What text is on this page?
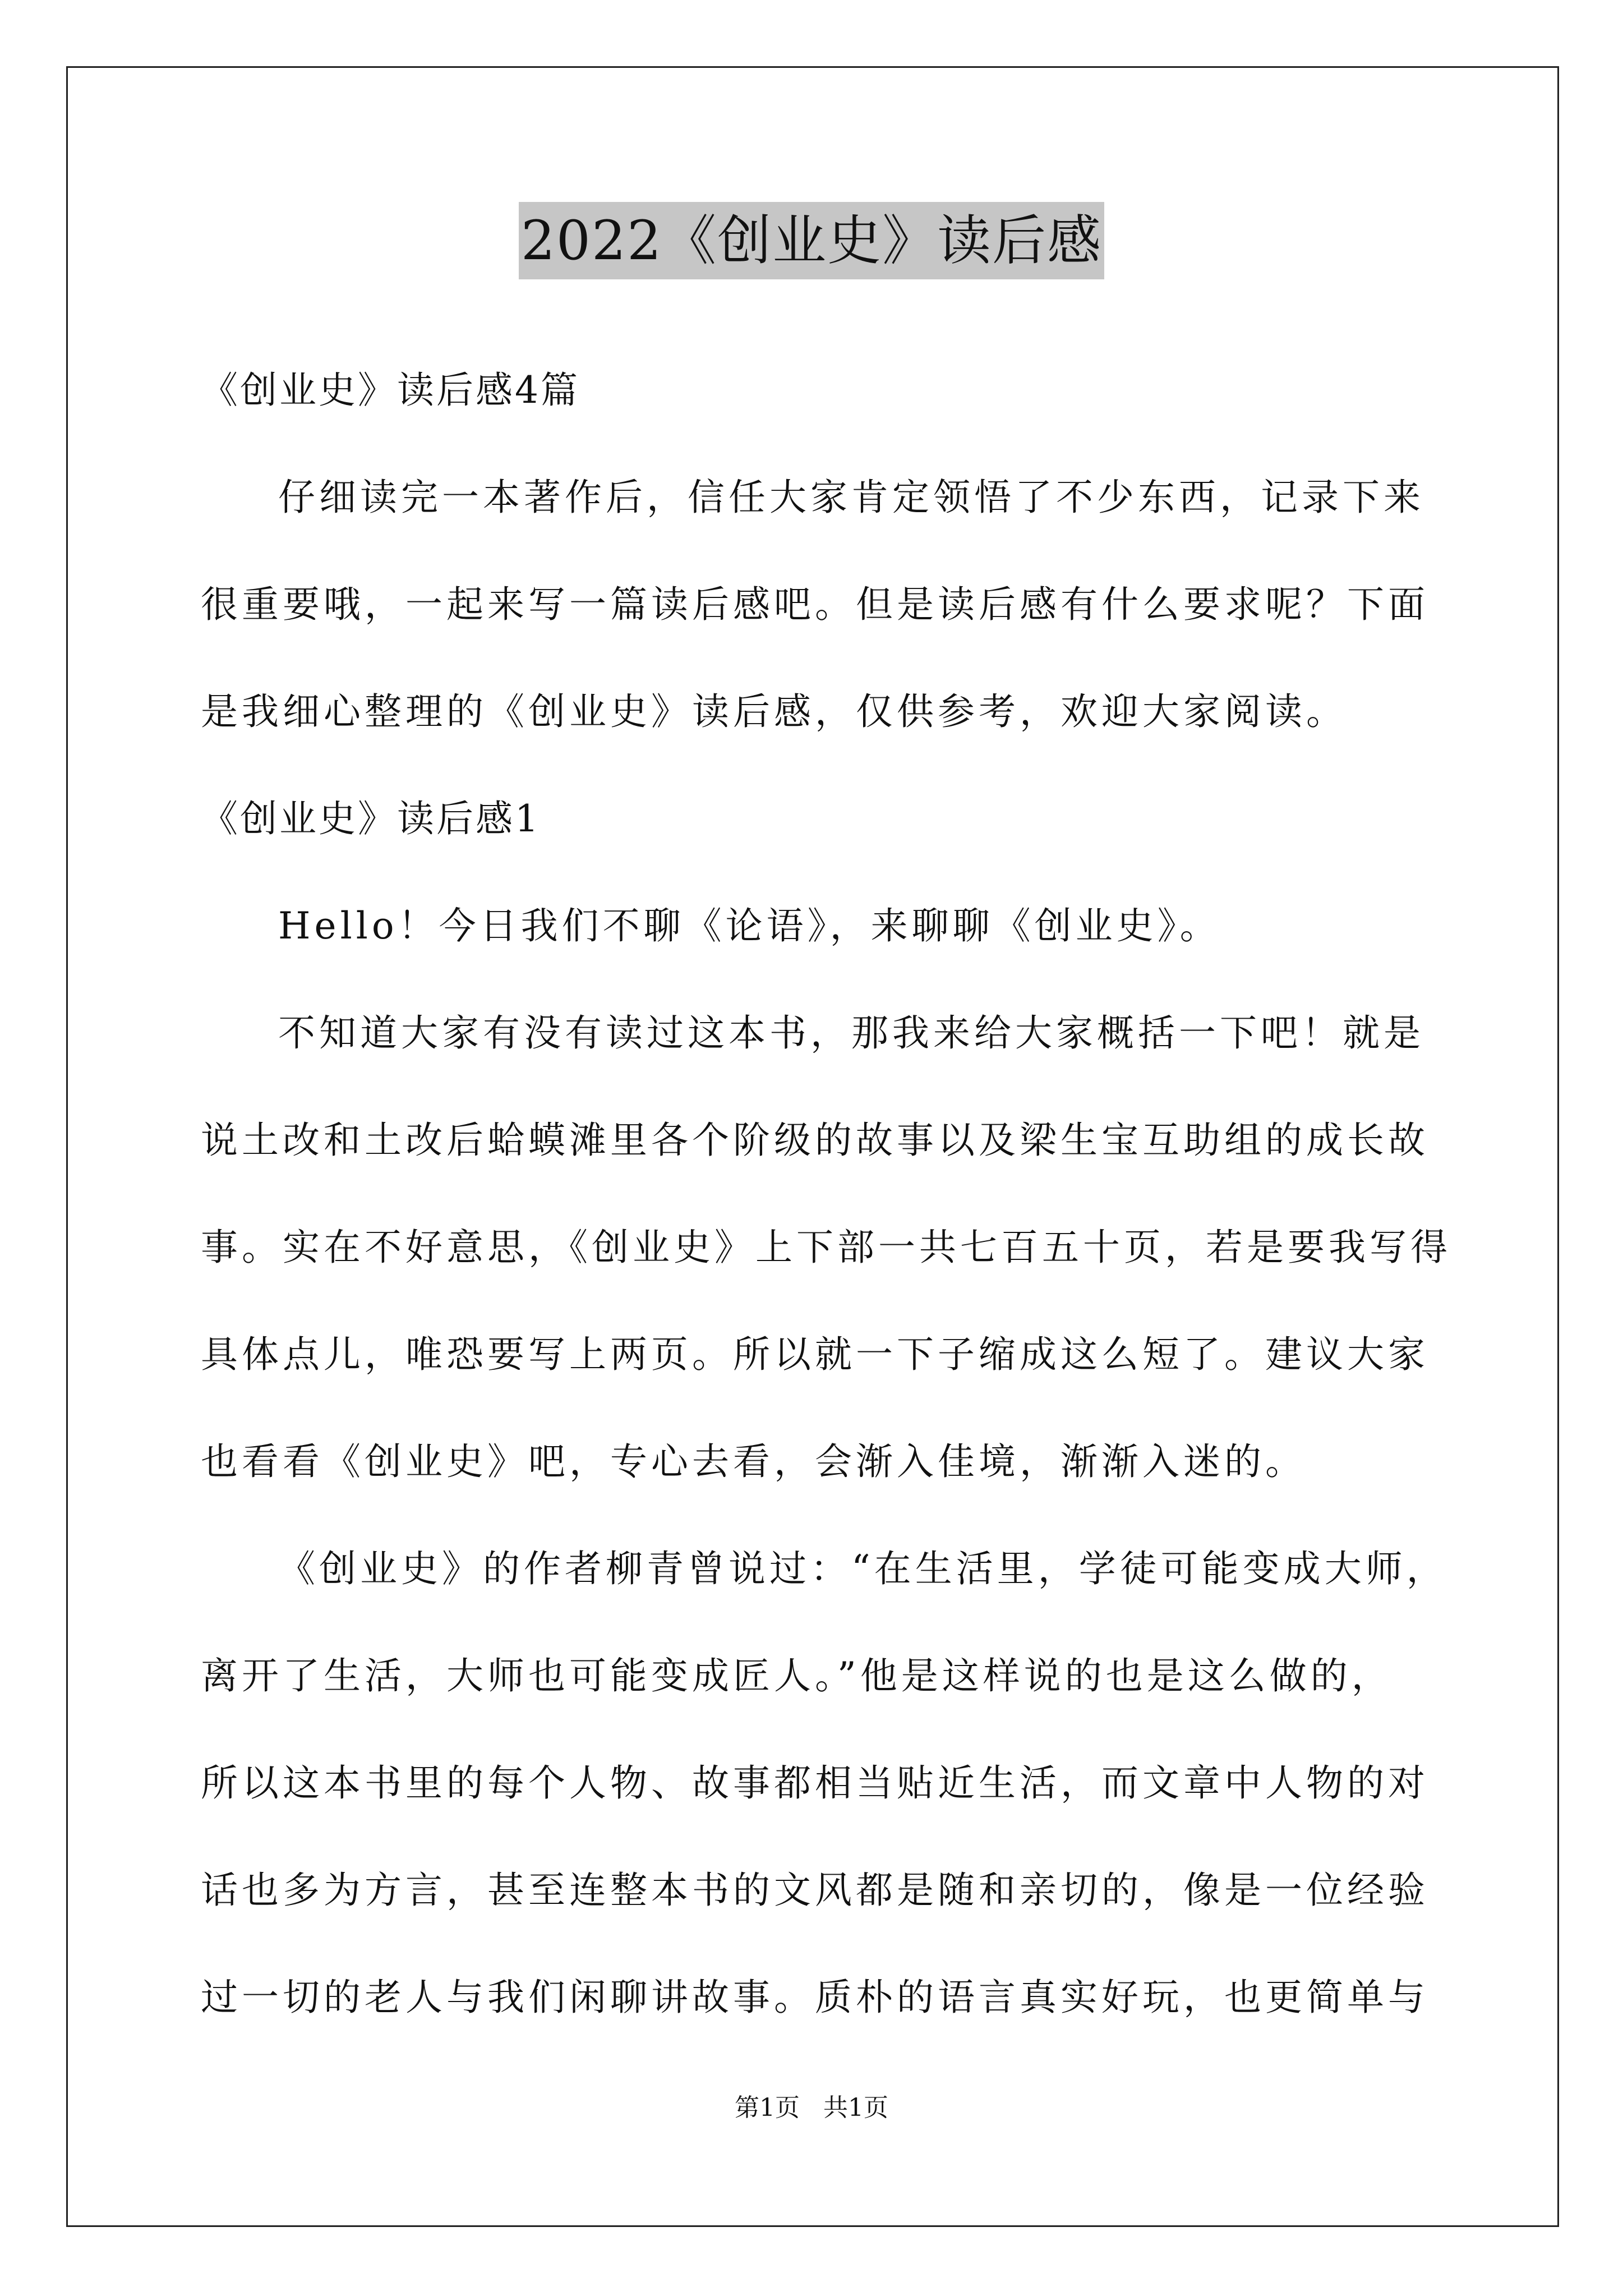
2022《创业史》读后感
《创业史》读后感4篇
仔细读完一本著作后，信任大家肯定领悟了不少东西，记录下来
很重要哦，一起来写一篇读后感吧。但是读后感有什么要求呢？下面
是我细心整理的《创业史》读后感，仅供参考，欢迎大家阅读。
《创业史》读后感1
Hello！今日我们不聊《论语》，来聊聊《创业史》。
不知道大家有没有读过这本书，那我来给大家概括一下吧！就是
说土改和土改后蛤蟆滩里各个阶级的故事以及梁生宝互助组的成长故
事。实在不好意思，《创业史》上下部一共七百五十页，若是要我写得
具体点儿，唯恐要写上两页。所以就一下子缩成这么短了。建议大家
也看看《创业史》吧，专心去看，会渐入佳境，渐渐入迷的。
《创业史》的作者柳青曾说过：“在生活里，学徒可能变成大师，
离开了生活，大师也可能变成匠人。”他是这样说的也是这么做的，
所以这本书里的每个人物、故事都相当贴近生活，而文章中人物的对
话也多为方言，甚至连整本书的文风都是随和亲切的，像是一位经验
过一切的老人与我们闲聊讲故事。质朴的语言真实好玩，也更简单与
第1页   共1页
